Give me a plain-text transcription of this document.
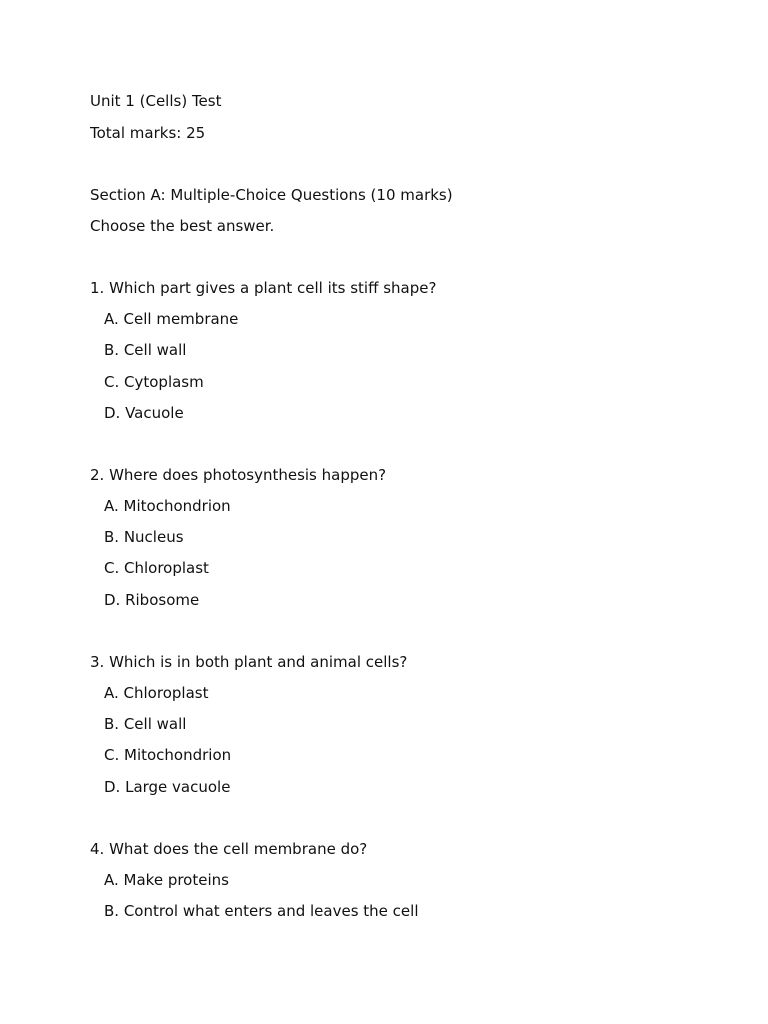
Unit 1 (Cells) Test
Total marks: 25
Section A: Multiple-Choice Questions (10 marks)
Choose the best answer.
1. Which part gives a plant cell its stiff shape?
A. Cell membrane
B. Cell wall
C. Cytoplasm
D. Vacuole
2. Where does photosynthesis happen?
A. Mitochondrion
B. Nucleus
C. Chloroplast
D. Ribosome
3. Which is in both plant and animal cells?
A. Chloroplast
B. Cell wall
C. Mitochondrion
D. Large vacuole
4. What does the cell membrane do?
A. Make proteins
B. Control what enters and leaves the cell
